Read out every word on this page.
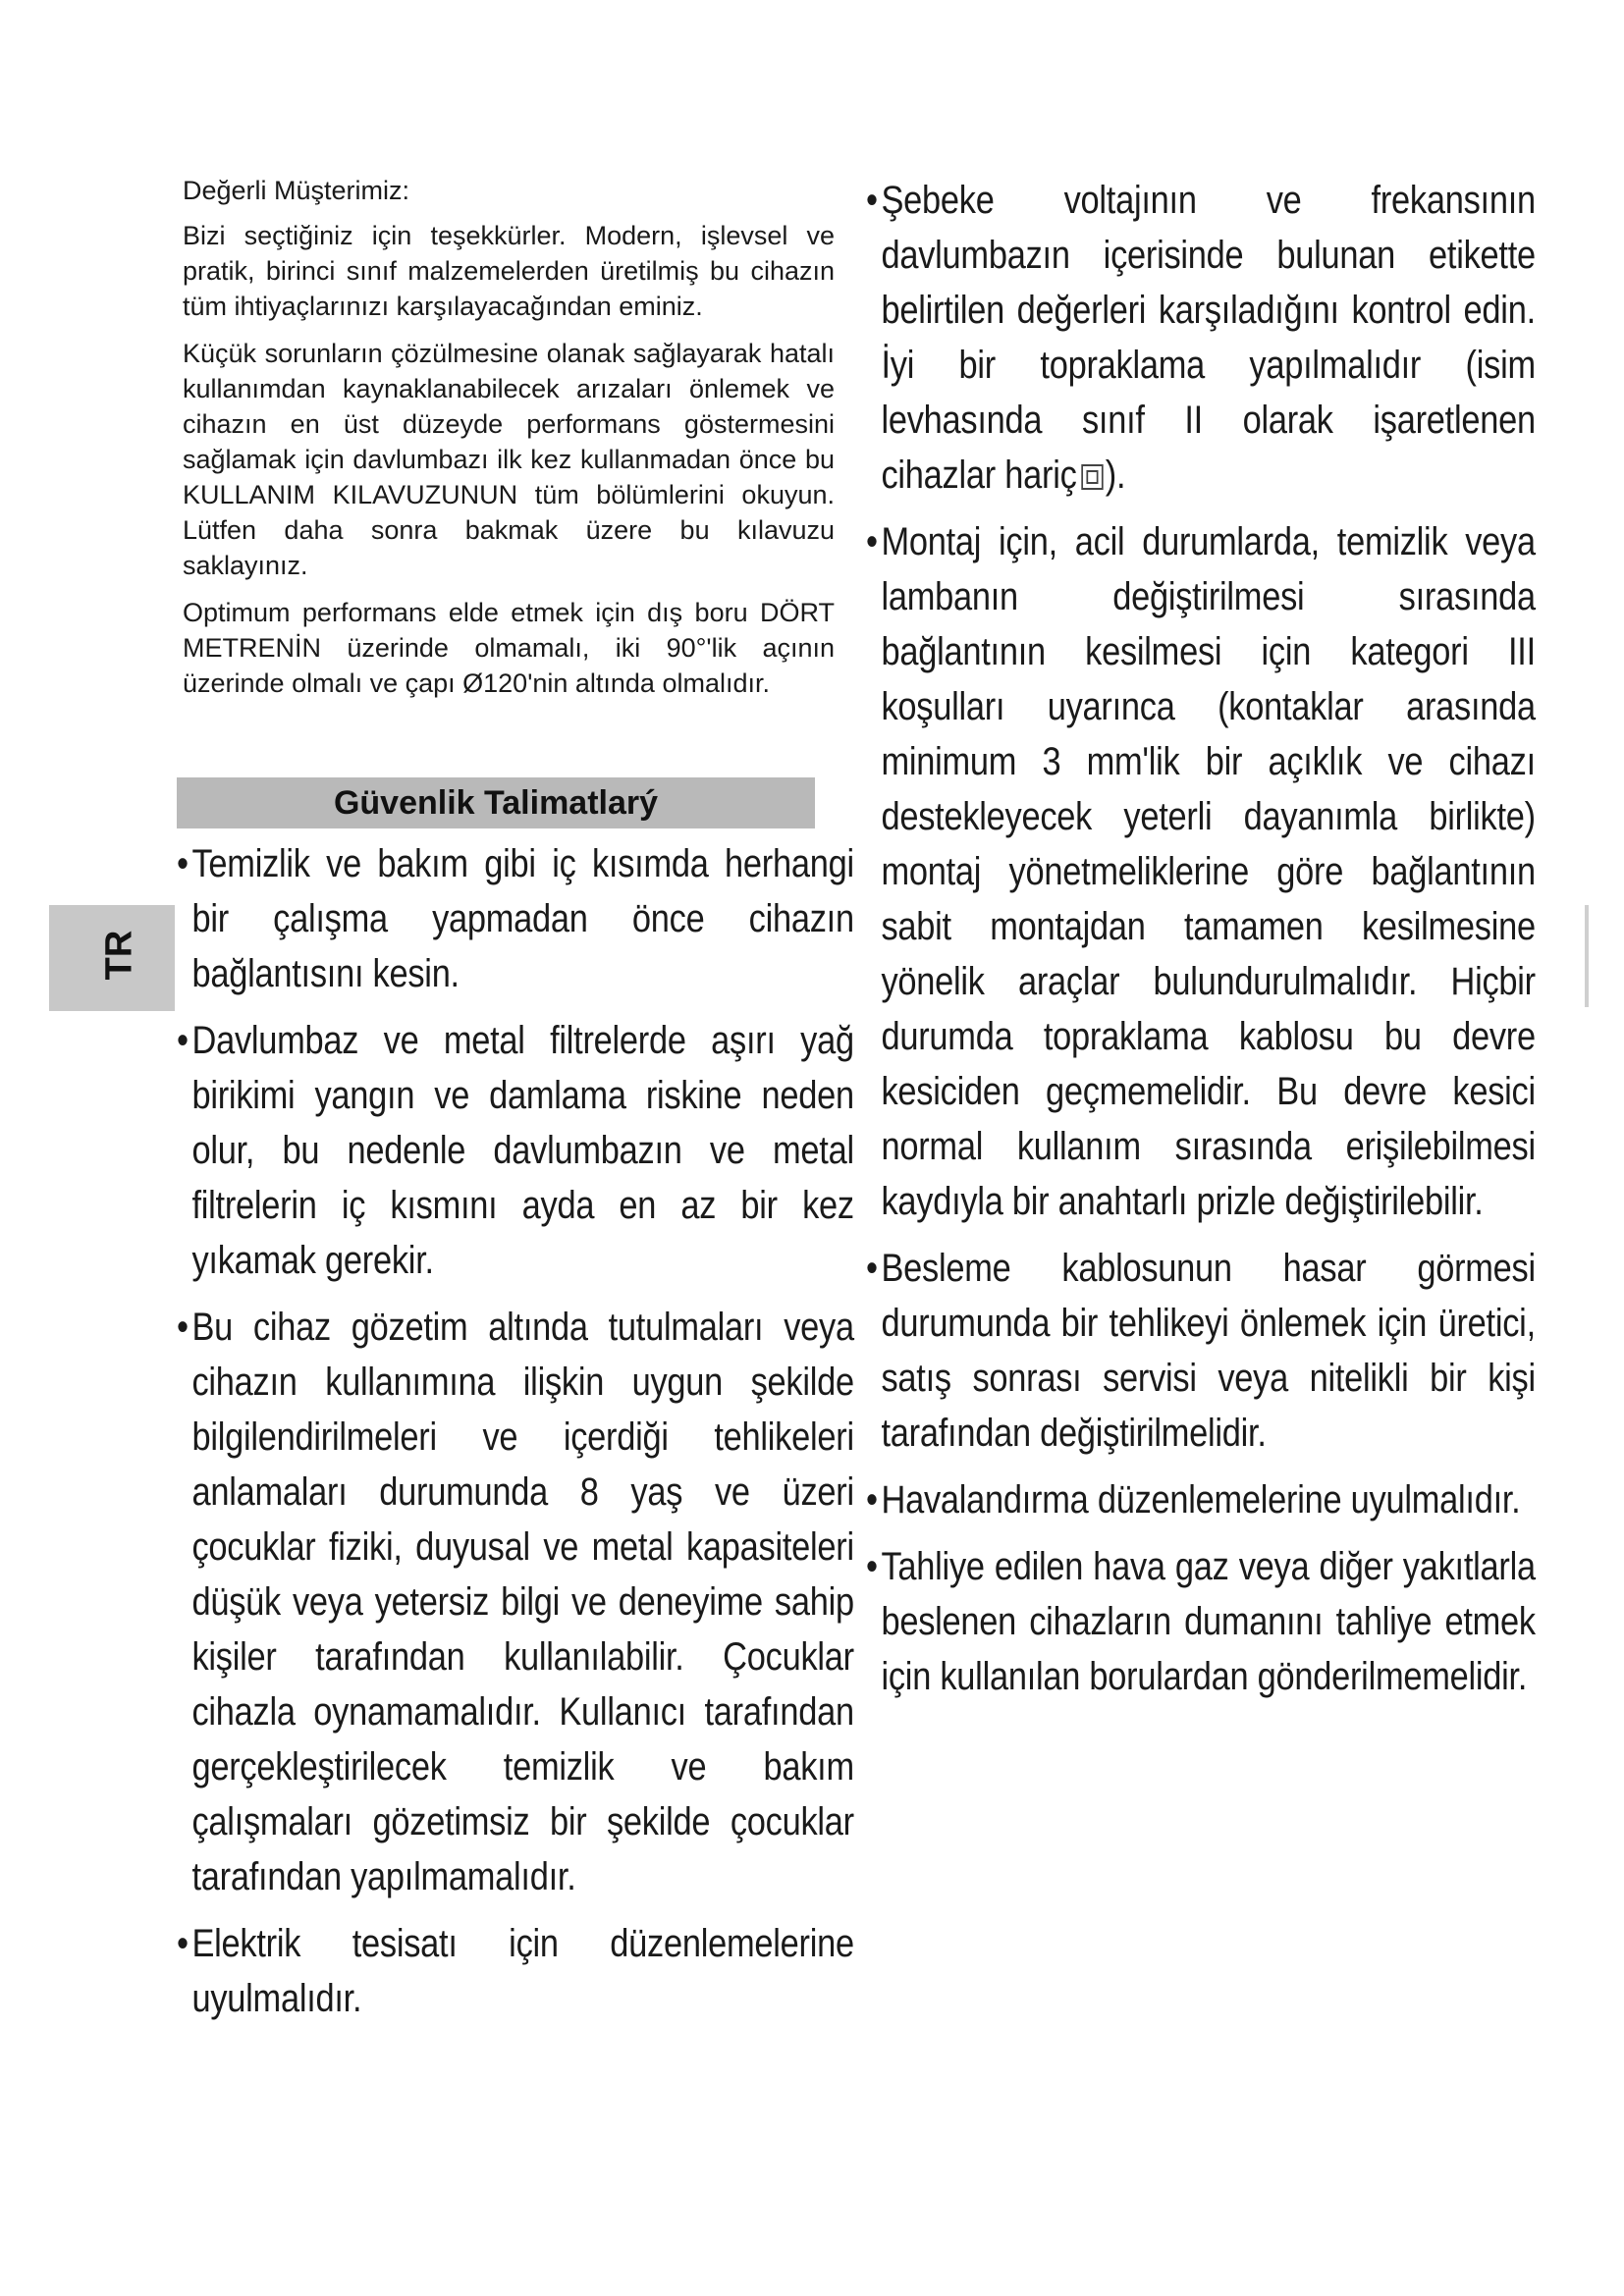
Değerli Müşterimiz:

Bizi seçtiğiniz için teşekkürler. Modern, işlevsel ve pratik, birinci sınıf malzemelerden üretilmiş bu cihazın tüm ihtiyaçlarınızı karşılayacağından eminiz.

Küçük sorunların çözülmesine olanak sağlayarak hatalı kullanımdan kaynaklanabilecek arızaları önlemek ve cihazın en üst düzeyde performans göstermesini sağlamak için davlumbazı ilk kez kullanmadan önce bu KULLANIM KILAVUZUNUN tüm bölümlerini okuyun. Lütfen daha sonra bakmak üzere bu kılavuzu saklayınız.

Optimum performans elde etmek için dış boru DÖRT METRENİN üzerinde olmamalı, iki 90°'lik açının üzerinde olmalı ve çapı Ø120'nin altında olmalıdır.

Güvenlik Talimatlarý
TR
• Temizlik ve bakım gibi iç kısımda herhangi bir çalışma yapmadan önce cihazın bağlantısını kesin.
• Davlumbaz ve metal filtrelerde aşırı yağ birikimi yangın ve damlama riskine neden olur, bu nedenle davlumbazın ve metal filtrelerin iç kısmını ayda en az bir kez yıkamak gerekir.
• Bu cihaz gözetim altında tutulmaları veya cihazın kullanımına ilişkin uygun şekilde bilgilendirilmeleri ve içerdiği tehlikeleri anlamaları durumunda 8 yaş ve üzeri çocuklar fiziki, duyusal ve metal kapasiteleri düşük veya yetersiz bilgi ve deneyime sahip kişiler tarafından kullanılabilir. Çocuklar cihazla oynamamalıdır. Kullanıcı tarafından gerçekleştirilecek temizlik ve bakım çalışmaları gözetimsiz bir şekilde çocuklar tarafından yapılmamalıdır.
• Elektrik tesisatı için düzenlemelerine uyulmalıdır.
• Şebeke voltajının ve frekansının davlumbazın içerisinde bulunan etikette belirtilen değerleri karşıladığını kontrol edin. İyi bir topraklama yapılmalıdır (isim levhasında sınıf II olarak işaretlenen cihazlar hariç ).
• Montaj için, acil durumlarda, temizlik veya lambanın değiştirilmesi sırasında bağlantının kesilmesi için kategori III koşulları uyarınca (kontaklar arasında minimum 3 mm'lik bir açıklık ve cihazı destekleyecek yeterli dayanımla birlikte) montaj yönetmeliklerine göre bağlantının sabit montajdan tamamen kesilmesine yönelik araçlar bulundurulmalıdır. Hiçbir durumda topraklama kablosu bu devre kesiciden geçmemelidir. Bu devre kesici normal kullanım sırasında erişilebilmesi kaydıyla bir anahtarlı prizle değiştirilebilir.
• Besleme kablosunun hasar görmesi durumunda bir tehlikeyi önlemek için üretici, satış sonrası servisi veya nitelikli bir kişi tarafından değiştirilmelidir.
• Havalandırma düzenlemelerine uyulmalıdır.
• Tahliye edilen hava gaz veya diğer yakıtlarla beslenen cihazların dumanını tahliye etmek için kullanılan borulardan gönderilmemelidir.
